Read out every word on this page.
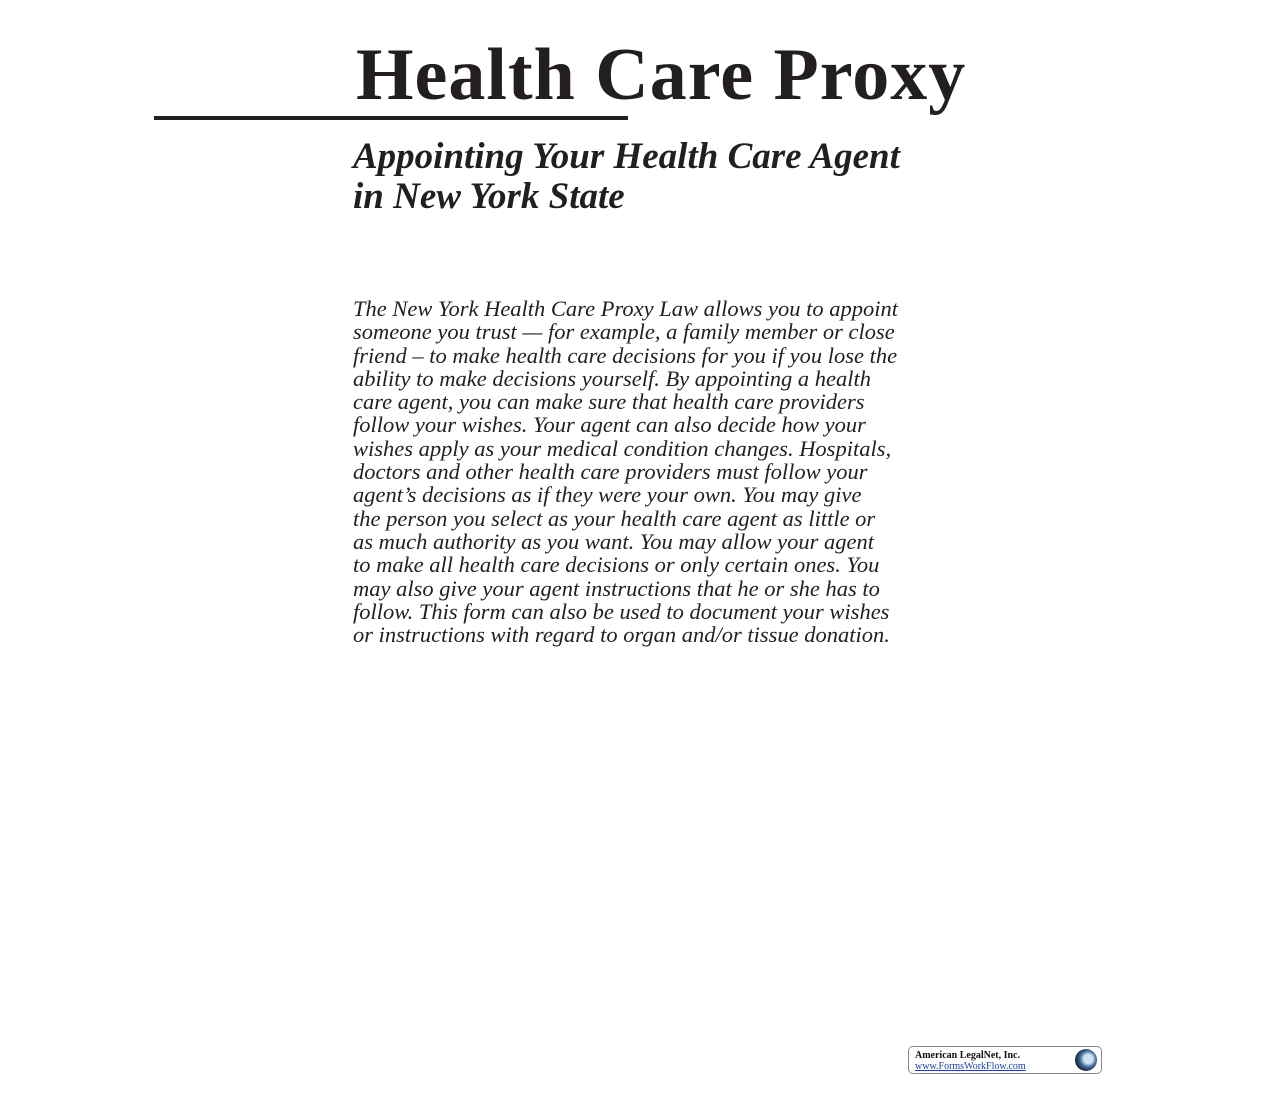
Health Care Proxy
Appointing Your Health Care Agent
in New York State
The New York Health Care Proxy Law allows you to appoint
someone you trust — for example, a family member or close
friend – to make health care decisions for you if you lose the
ability to make decisions yourself. By appointing a health
care agent, you can make sure that health care providers
follow your wishes. Your agent can also decide how your
wishes apply as your medical condition changes. Hospitals,
doctors and other health care providers must follow your
agent’s decisions as if they were your own. You may give
the person you select as your health care agent as little or
as much authority as you want. You may allow your agent
to make all health care decisions or only certain ones. You
may also give your agent instructions that he or she has to
follow. This form can also be used to document your wishes
or instructions with regard to organ and/or tissue donation.
American LegalNet, Inc.
www.FormsWorkFlow.com
